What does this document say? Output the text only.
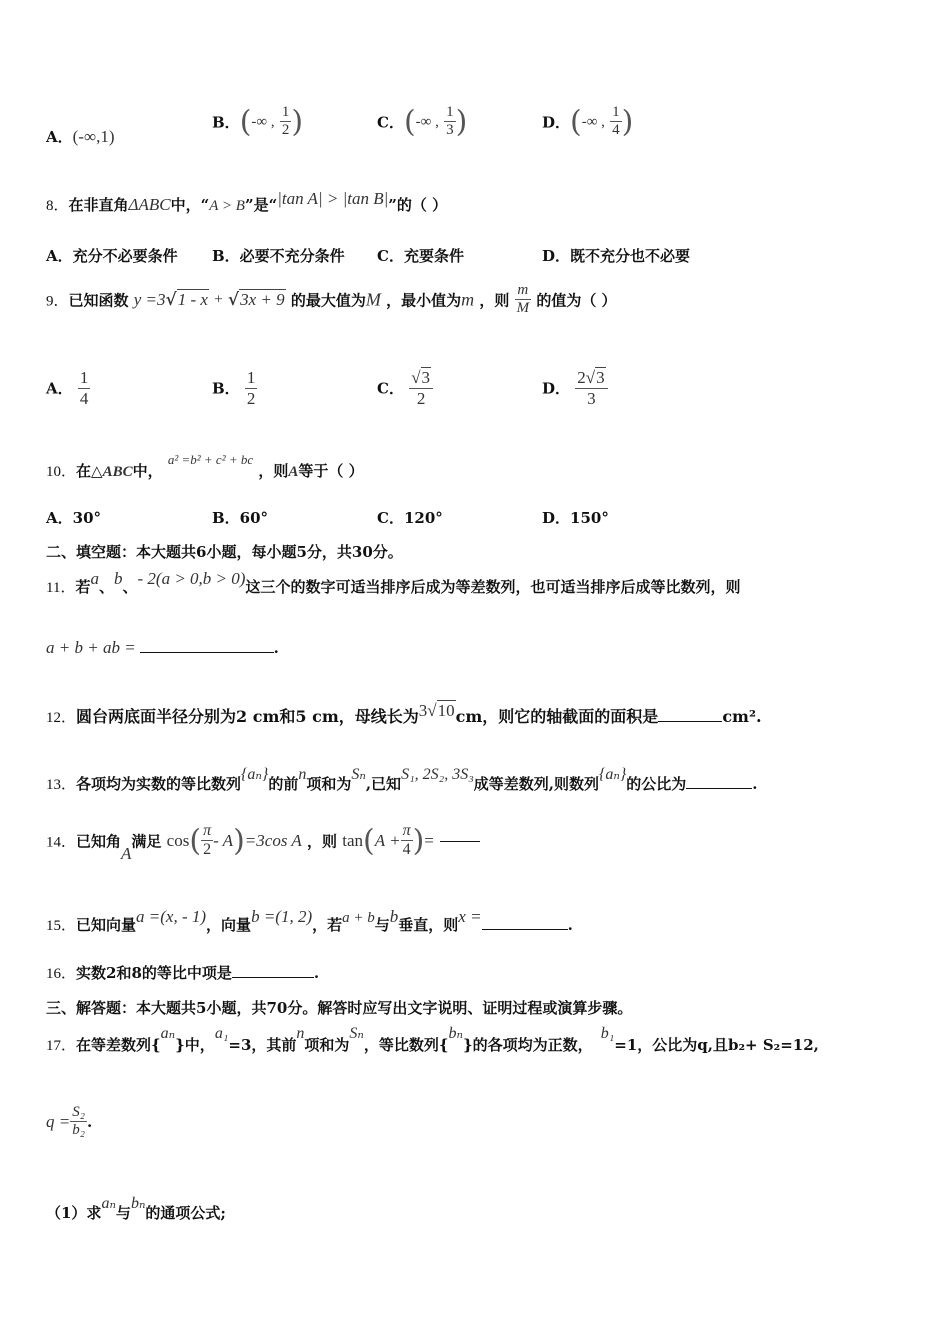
A．(-∞,1)
B．(-∞ , $\frac{1}{2}$ )	C．(-∞ , $\frac{1}{3}$ )	D．(-∞ , $\frac{1}{4}$ )
8．在非直角ΔABC中，“A > B”是“|tan A| > |tan B|”的（ ）
A．充分不必要条件 B．必要不充分条件 C．充要条件	D．既不充分也不必要
9．已知函数 y =3√1 - x + √3x + 9 的最大值为M ，最小值为m ，则 $\frac{m}{M}$ 的值为（ ）
A． $\frac{1}{4}$	B． $\frac{1}{2}$	C． $\frac{√3}{2}$	D． $\frac{2√3}{3}$
10．在△ABC中， a² =b² + c² + bc ，则A等于（ ）
A．30°	B．60°	C．120°	D．150°
二、填空题：本大题共6小题，每小题5分，共30分。
11．若a、b、- 2(a > 0,b > 0)这三个的数字可适当排序后成为等差数列，也可适当排序后成等比数列，则
a + b + ab =	.
12．圆台两底面半径分别为2 cm和5 cm，母线长为3√10cm，则它的轴截面的面积是	cm².
13．各项均为实数的等比数列{aₙ}的前n项和为Sₙ,已知S₁, 2S₂, 3S₃成等差数列,则数列{aₙ}的公比为	.
14．已知角A满足 $\cos( \frac{\pi}{2} - A)=3\cos$ A ，则 $\tan(A + \frac{\pi}{4}$ )=
15．已知向量a =(x, - 1)，向量b =(1, 2)，若a + b与b垂直，则x =	.
16．实数2和8的等比中项是	.
三、解答题：本大题共5小题，共70分。解答时应写出文字说明、证明过程或演算步骤。
17．在等差数列{aₙ}中，a₁=3，其前n项和为Sₙ，等比数列{bₙ}的各项均为正数，b₁=1，公比为q,且b₂+ S₂=12,
$q = \frac{\text{S₂}}{\text{b₂}}$ .
（1）求aₙ与bₙ的通项公式;
